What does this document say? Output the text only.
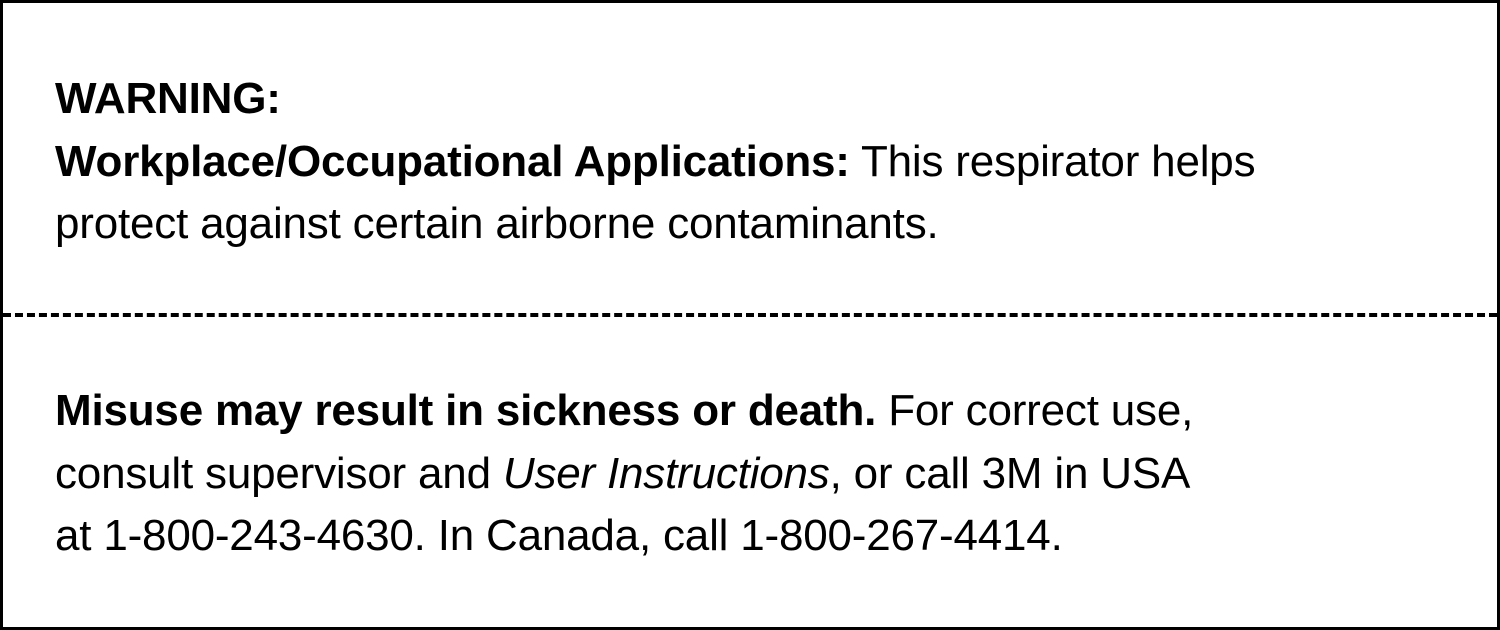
WARNING:
Workplace/Occupational Applications: This respirator helps
protect against certain airborne contaminants.
Misuse may result in sickness or death. For correct use,
consult supervisor and User Instructions, or call 3M in USA
at 1-800-243-4630. In Canada, call 1-800-267-4414.
